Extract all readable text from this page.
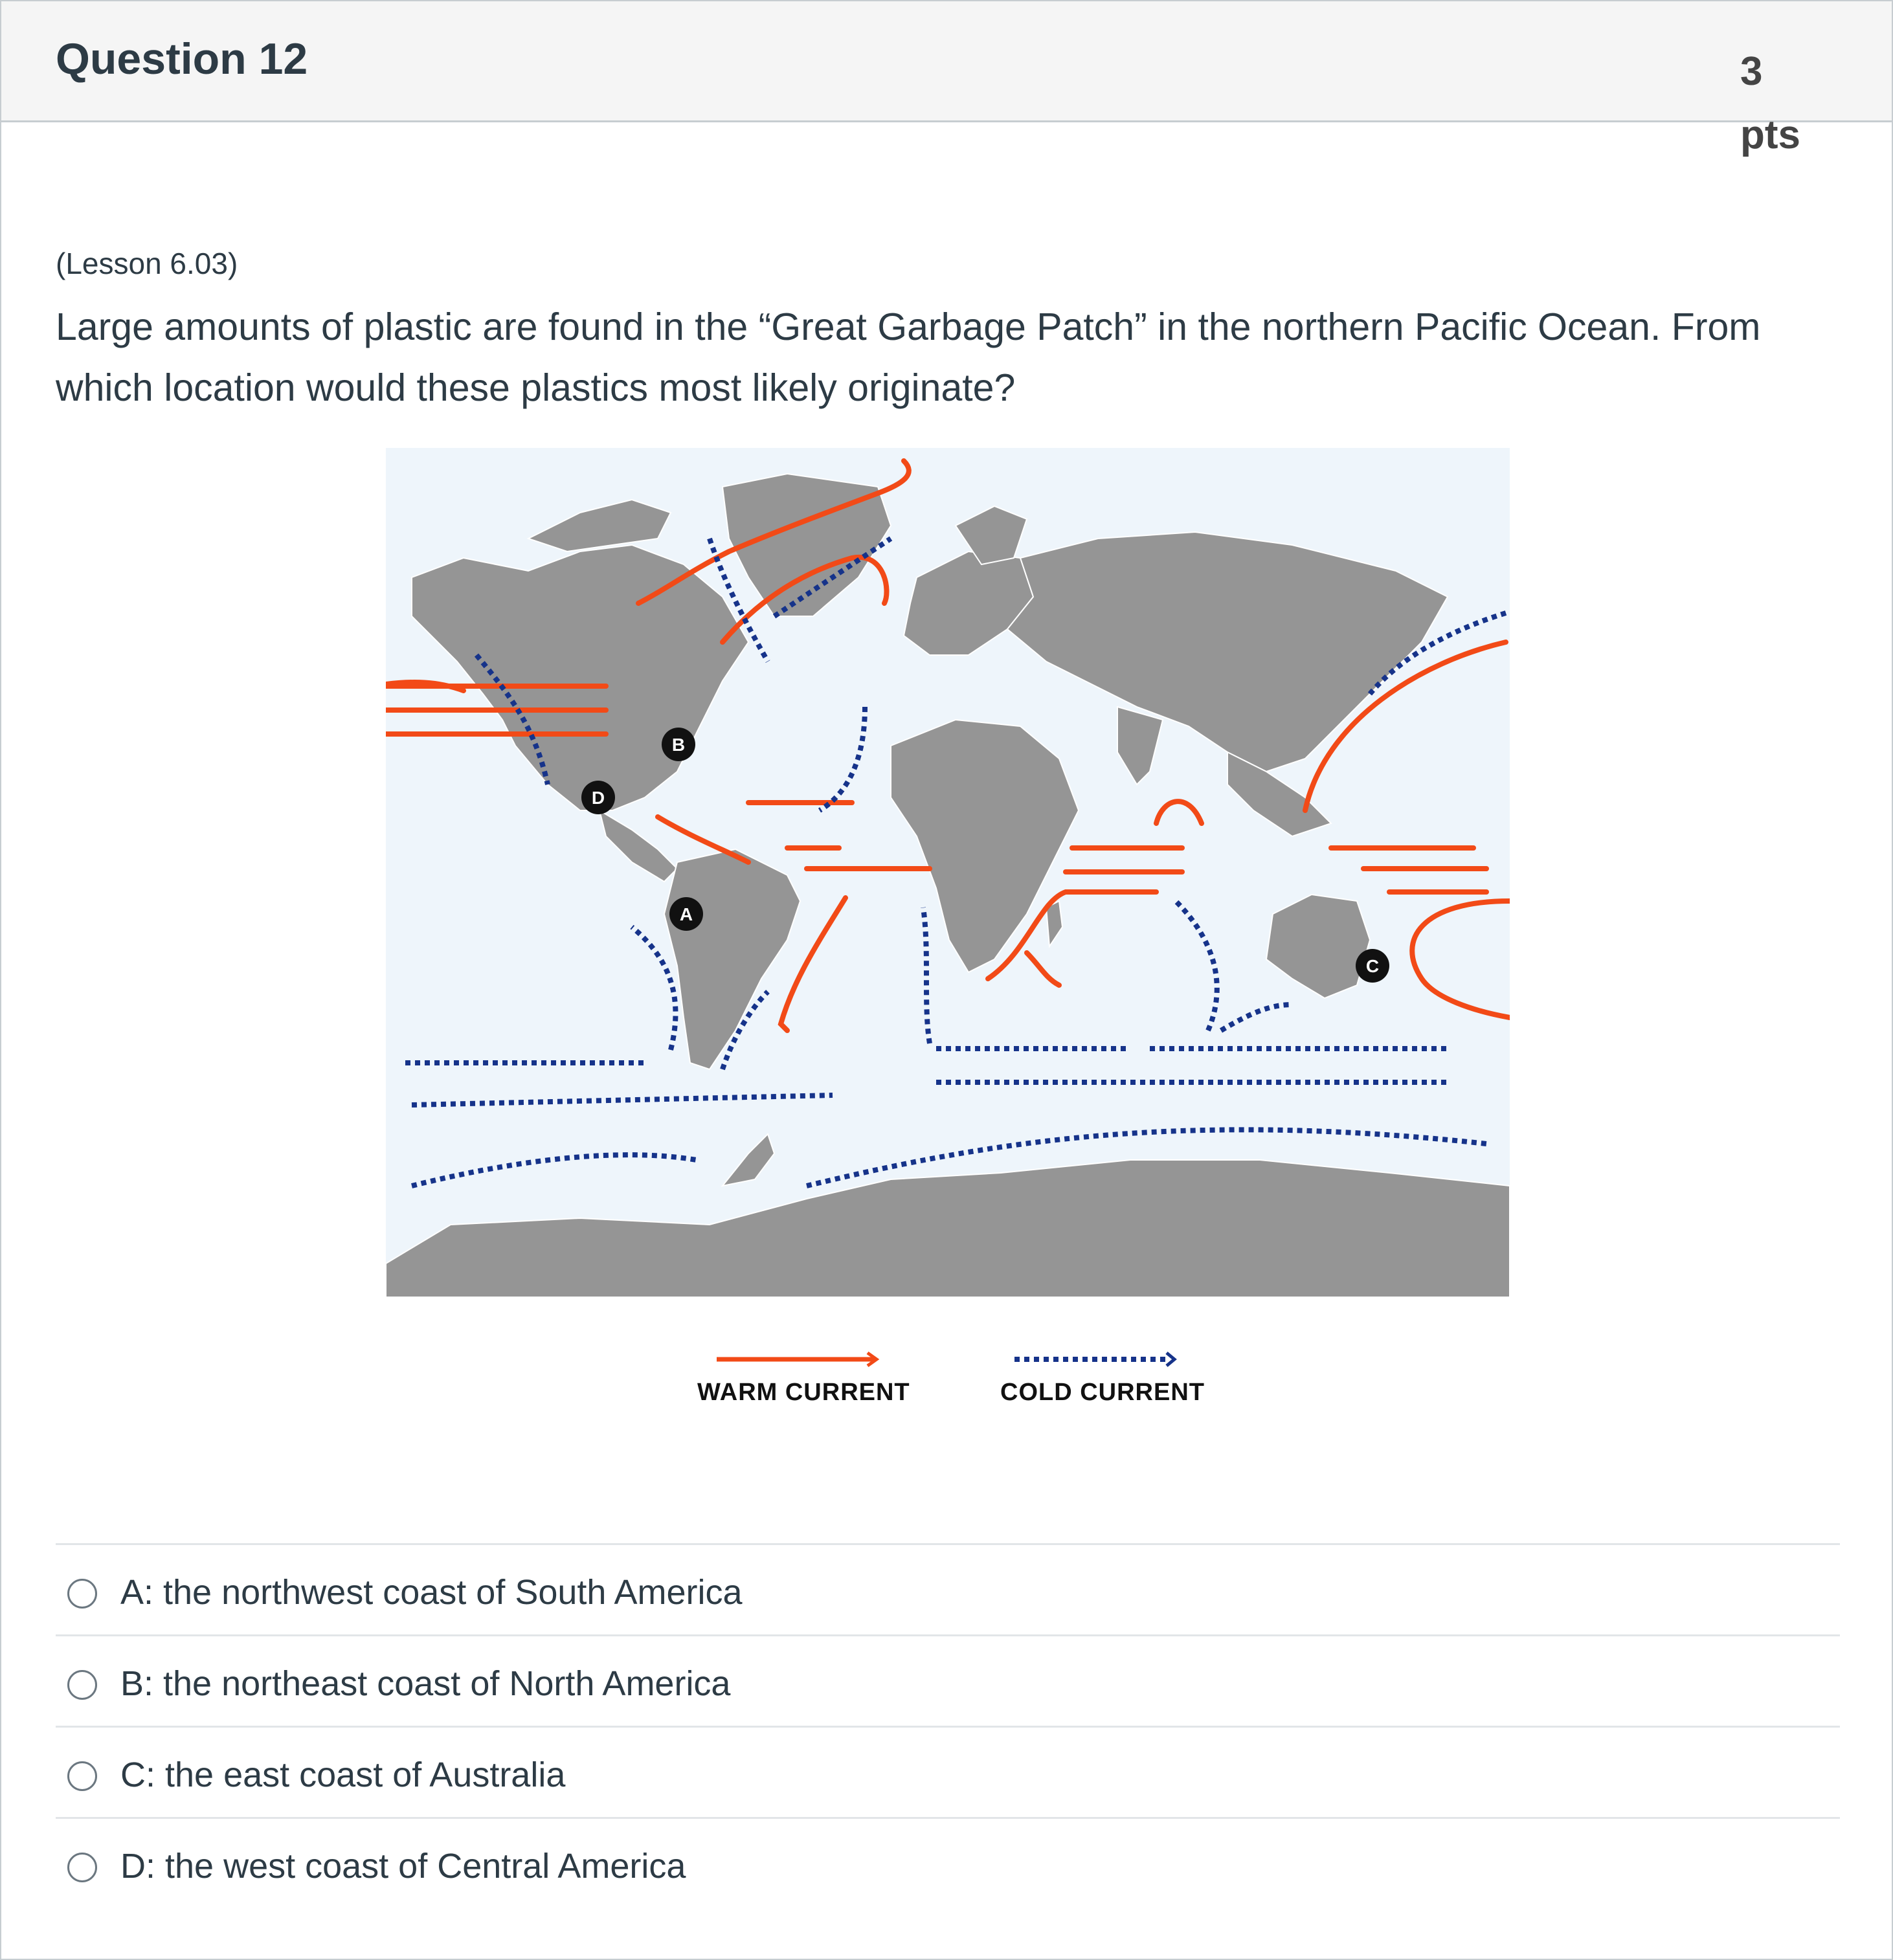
Question 12	3 pts
(Lesson 6.03)
Large amounts of plastic are found in the “Great Garbage Patch” in the northern Pacific Ocean. From which location would these plastics most likely originate?
A
B
C
D
WARM CURRENT	COLD CURRENT
A: the northwest coast of South America
B: the northeast coast of North America
C: the east coast of Australia
D: the west coast of Central America
